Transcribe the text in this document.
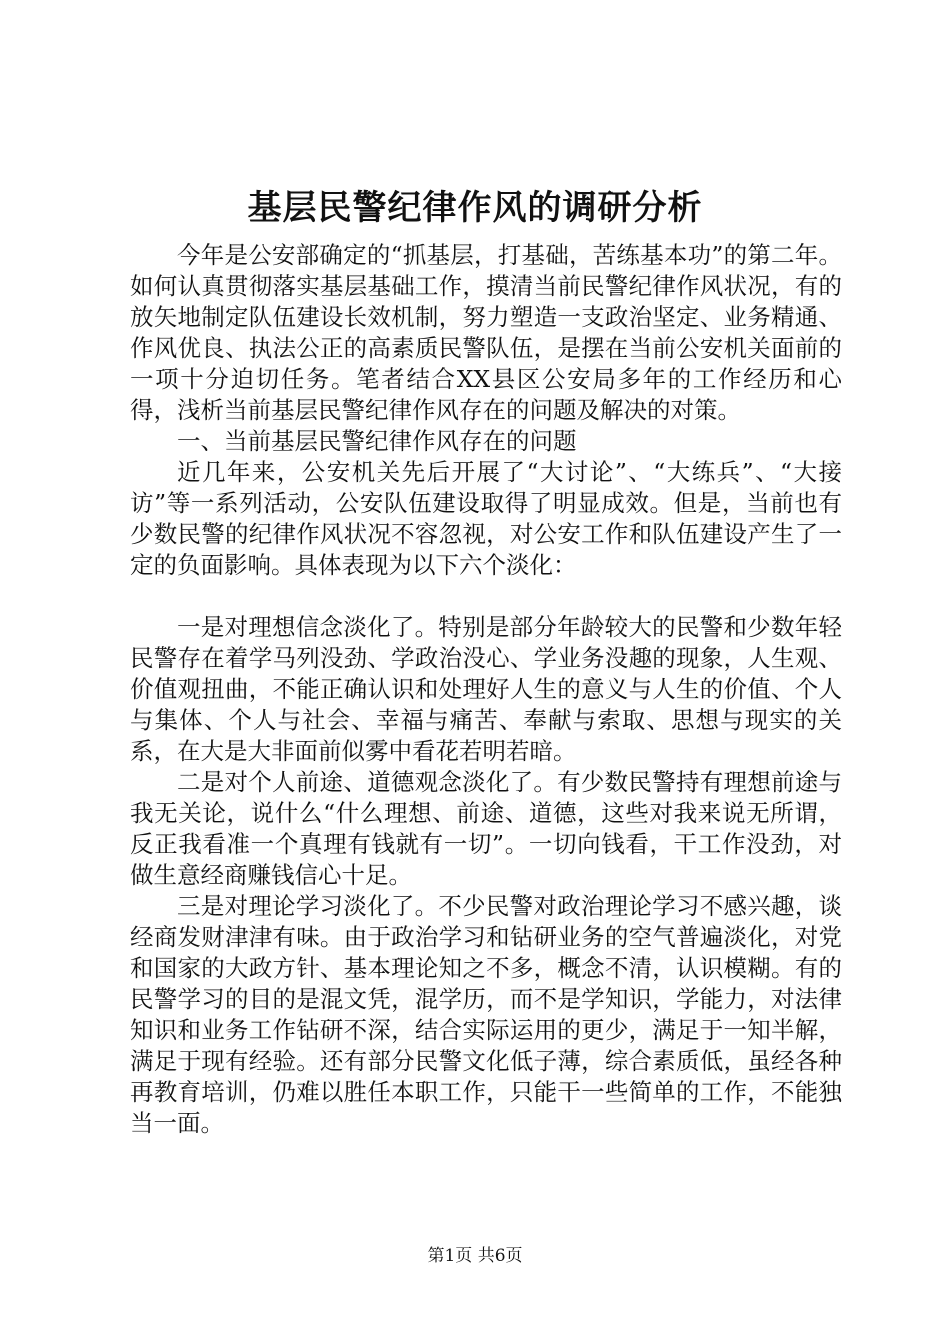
基层民警纪律作风的调研分析

今年是公安部确定的“抓基层，打基础，苦练基本功”的第二年。如何认真贯彻落实基层基础工作，摸清当前民警纪律作风状况，有的放矢地制定队伍建设长效机制，努力塑造一支政治坚定、业务精通、作风优良、执法公正的高素质民警队伍，是摆在当前公安机关面前的一项十分迫切任务。笔者结合XX县区公安局多年的工作经历和心得，浅析当前基层民警纪律作风存在的问题及解决的对策。

一、当前基层民警纪律作风存在的问题

近几年来，公安机关先后开展了“大讨论”、“大练兵”、“大接访”等一系列活动，公安队伍建设取得了明显成效。但是，当前也有少数民警的纪律作风状况不容忽视，对公安工作和队伍建设产生了一定的负面影响。具体表现为以下六个淡化：

一是对理想信念淡化了。特别是部分年龄较大的民警和少数年轻民警存在着学马列没劲、学政治没心、学业务没趣的现象，人生观、价值观扭曲，不能正确认识和处理好人生的意义与人生的价值、个人与集体、个人与社会、幸福与痛苦、奉献与索取、思想与现实的关系，在大是大非面前似雾中看花若明若暗。

二是对个人前途、道德观念淡化了。有少数民警持有理想前途与我无关论，说什么“什么理想、前途、道德，这些对我来说无所谓，反正我看准一个真理有钱就有一切”。一切向钱看，干工作没劲，对做生意经商赚钱信心十足。

三是对理论学习淡化了。不少民警对政治理论学习不感兴趣，谈经商发财津津有味。由于政治学习和钻研业务的空气普遍淡化，对党和国家的大政方针、基本理论知之不多，概念不清，认识模糊。有的民警学习的目的是混文凭，混学历，而不是学知识，学能力，对法律知识和业务工作钻研不深，结合实际运用的更少，满足于一知半解，满足于现有经验。还有部分民警文化低子薄，综合素质低，虽经各种再教育培训，仍难以胜任本职工作，只能干一些简单的工作，不能独当一面。

第1页 共6页
